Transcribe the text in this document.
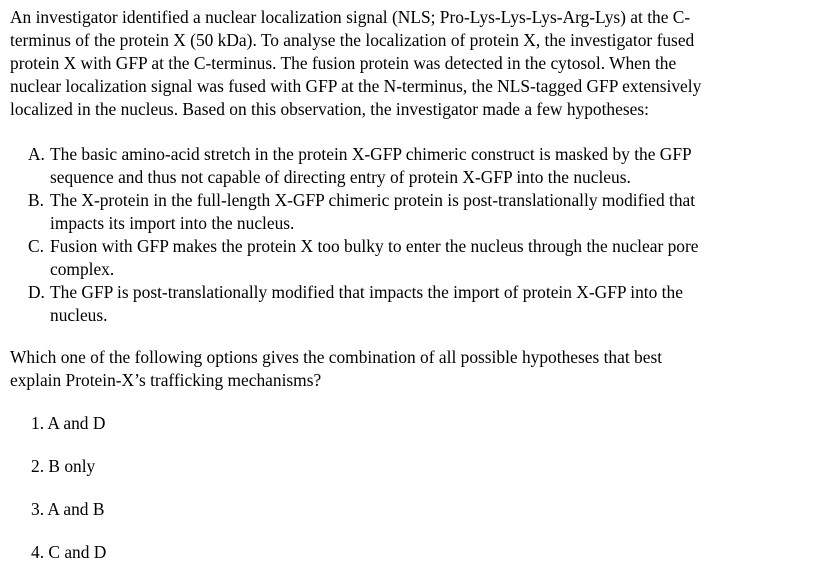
An investigator identified a nuclear localization signal (NLS; Pro-Lys-Lys-Lys-Arg-Lys) at the C-
terminus of the protein X (50 kDa). To analyse the localization of protein X, the investigator fused
protein X with GFP at the C-terminus. The fusion protein was detected in the cytosol. When the
nuclear localization signal was fused with GFP at the N-terminus, the NLS-tagged GFP extensively
localized in the nucleus. Based on this observation, the investigator made a few hypotheses:
A. The basic amino-acid stretch in the protein X-GFP chimeric construct is masked by the GFP
sequence and thus not capable of directing entry of protein X-GFP into the nucleus.
B. The X-protein in the full-length X-GFP chimeric protein is post-translationally modified that
impacts its import into the nucleus.
C. Fusion with GFP makes the protein X too bulky to enter the nucleus through the nuclear pore
complex.
D. The GFP is post-translationally modified that impacts the import of protein X-GFP into the
nucleus.
Which one of the following options gives the combination of all possible hypotheses that best
explain Protein-X’s trafficking mechanisms?
1. A and D
2. B only
3. A and B
4. C and D
